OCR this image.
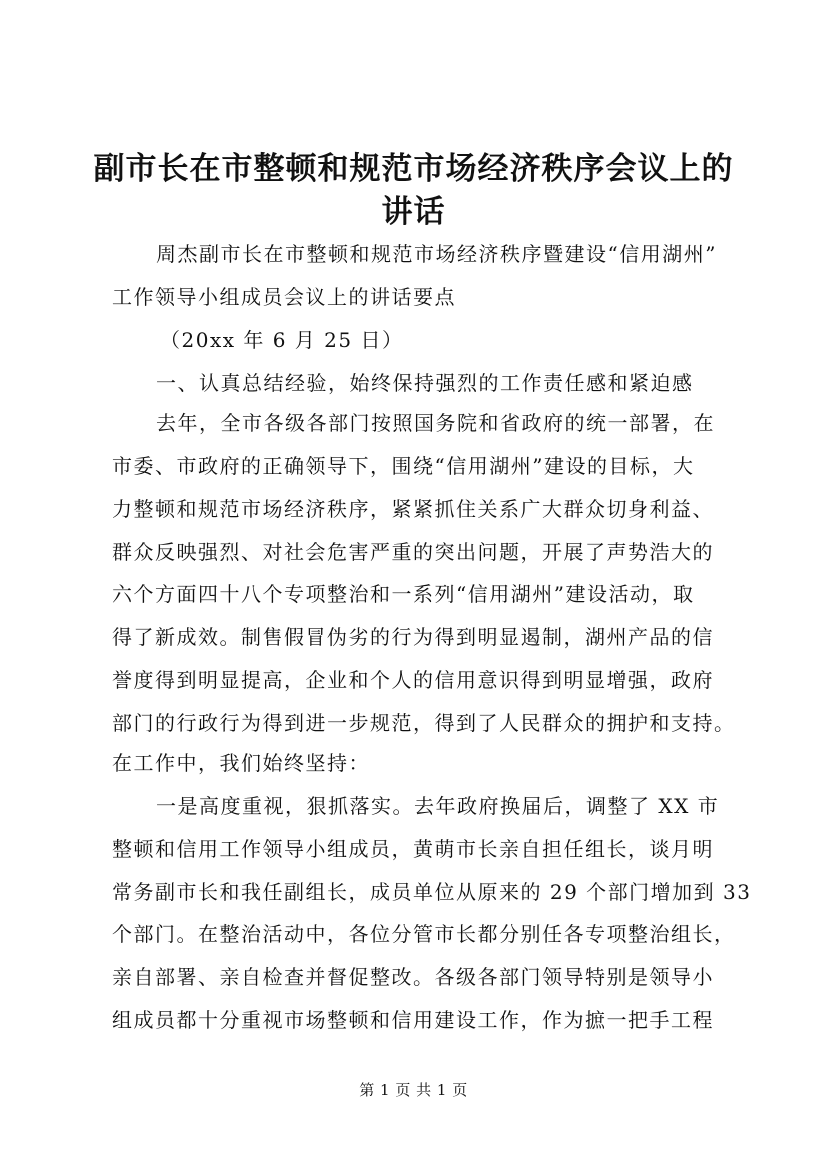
副市长在市整顿和规范市场经济秩序会议上的
讲话
周杰副市长在市整顿和规范市场经济秩序暨建设“信用湖州”
工作领导小组成员会议上的讲话要点
（20xx 年 6 月 25 日）
一、认真总结经验，始终保持强烈的工作责任感和紧迫感
去年，全市各级各部门按照国务院和省政府的统一部署，在
市委、市政府的正确领导下，围绕“信用湖州”建设的目标，大
力整顿和规范市场经济秩序，紧紧抓住关系广大群众切身利益、
群众反映强烈、对社会危害严重的突出问题，开展了声势浩大的
六个方面四十八个专项整治和一系列“信用湖州”建设活动，取
得了新成效。制售假冒伪劣的行为得到明显遏制，湖州产品的信
誉度得到明显提高，企业和个人的信用意识得到明显增强，政府
部门的行政行为得到进一步规范，得到了人民群众的拥护和支持。
在工作中，我们始终坚持：
一是高度重视，狠抓落实。去年政府换届后，调整了 XX 市
整顿和信用工作领导小组成员，黄萌市长亲自担任组长，谈月明
常务副市长和我任副组长，成员单位从原来的 29 个部门增加到 33
个部门。在整治活动中，各位分管市长都分别任各专项整治组长，
亲自部署、亲自检查并督促整改。各级各部门领导特别是领导小
组成员都十分重视市场整顿和信用建设工作，作为摭一把手工程
第 1 页 共 1 页
